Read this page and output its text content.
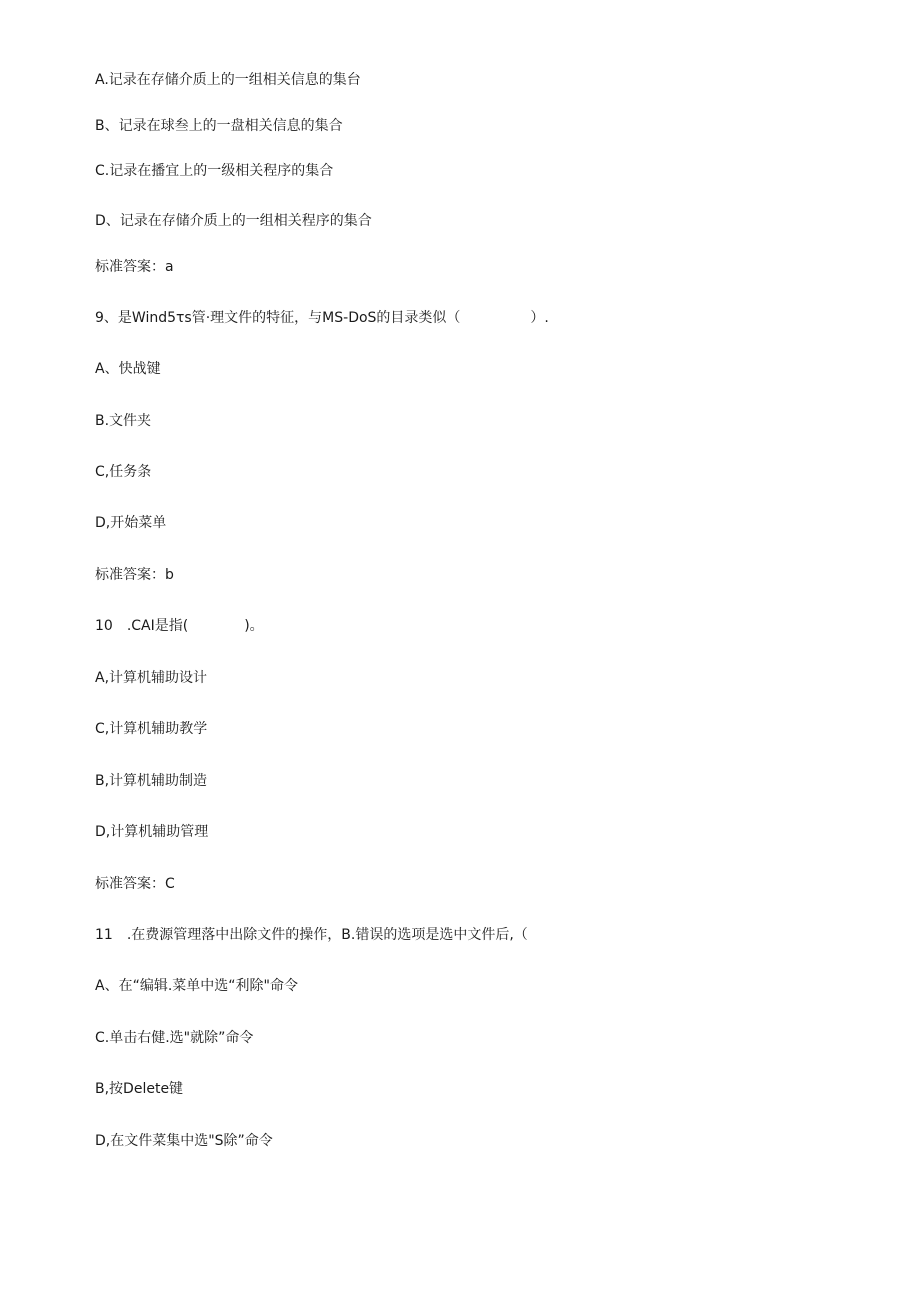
A.记录在存储介质上的一组相关信息的集台
B、记录在球叁上的一盘相关信息的集合
C.记录在播宜上的一级相关程序的集合
D、记录在存储介质上的一组相关程序的集合
标准答案：a
9、是Wind5τs管·理文件的特征，与MS-DoS的目录类似（　　　　　）.
A、快战键
B.文件夹
C,任务条
D,开始菜单
标准答案：b
10　.CAI是指(　　　　)。
A,计算机辅助设计
C,计算机辅助教学
B,计算机辅助制造
D,计算机辅助管理
标准答案：C
11　.在费源管理落中出除文件的操作，B.错误的选项是选中文件后,（
A、在“编辑.菜单中选“利除"命令
C.单击右健.选"就除”命令
B,按Delete键
D,在文件菜集中选"S除”命令
